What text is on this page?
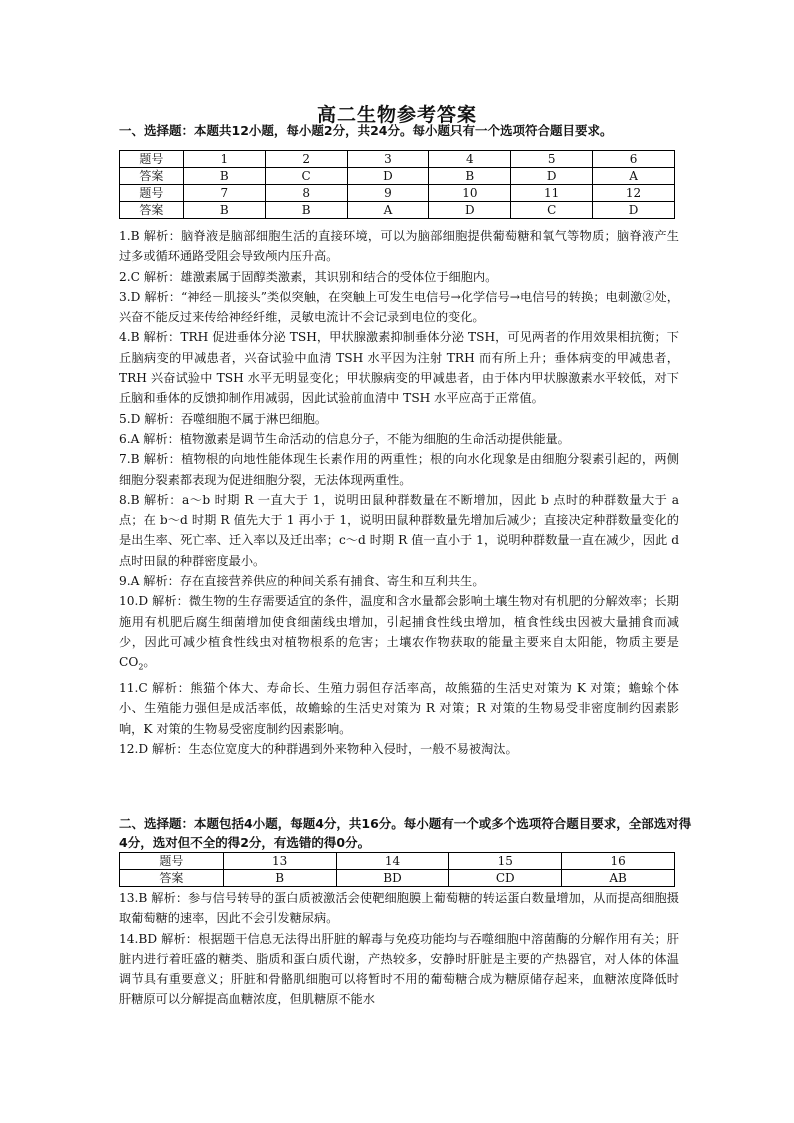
高二生物参考答案
一、选择题：本题共12小题，每小题2分，共24分。每小题只有一个选项符合题目要求。
题号	1	2	3	4	5	6
答案	B	C	D	B	D	A
题号	7	8	9	10	11	12
答案	B	B	A	D	C	D

1.B 解析：脑脊液是脑部细胞生活的直接环境，可以为脑部细胞提供葡萄糖和氧气等物质；脑脊液产生过多或循环通路受阻会导致颅内压升高。

2.C 解析：雄激素属于固醇类激素，其识别和结合的受体位于细胞内。

3.D 解析：“神经－肌接头”类似突触，在突触上可发生电信号→化学信号→电信号的转换；电刺激②处，兴奋不能反过来传给神经纤维，灵敏电流计不会记录到电位的变化。

4.B 解析：TRH 促进垂体分泌 TSH，甲状腺激素抑制垂体分泌 TSH，可见两者的作用效果相抗衡；下丘脑病变的甲减患者，兴奋试验中血清 TSH 水平因为注射 TRH 而有所上升；垂体病变的甲减患者，TRH 兴奋试验中 TSH 水平无明显变化；甲状腺病变的甲减患者，由于体内甲状腺激素水平较低，对下丘脑和垂体的反馈抑制作用减弱，因此试验前血清中 TSH 水平应高于正常值。

5.D 解析：吞噬细胞不属于淋巴细胞。

6.A 解析：植物激素是调节生命活动的信息分子，不能为细胞的生命活动提供能量。

7.B 解析：植物根的向地性能体现生长素作用的两重性；根的向水化现象是由细胞分裂素引起的，两侧细胞分裂素都表现为促进细胞分裂，无法体现两重性。

8.B 解析：a～b 时期 R 一直大于 1，说明田鼠种群数量在不断增加，因此 b 点时的种群数量大于 a 点；在 b～d 时期 R 值先大于 1 再小于 1，说明田鼠种群数量先增加后减少；直接决定种群数量变化的是出生率、死亡率、迁入率以及迁出率；c～d 时期 R 值一直小于 1，说明种群数量一直在减少，因此 d 点时田鼠的种群密度最小。

9.A 解析：存在直接营养供应的种间关系有捕食、寄生和互利共生。

10.D 解析：微生物的生存需要适宜的条件，温度和含水量都会影响土壤生物对有机肥的分解效率；长期施用有机肥后腐生细菌增加使食细菌线虫增加，引起捕食性线虫增加，植食性线虫因被大量捕食而减少，因此可减少植食性线虫对植物根系的危害；土壤农作物获取的能量主要来自太阳能，物质主要是 $CO_2$。

11.C 解析：熊猫个体大、寿命长、生殖力弱但存活率高，故熊猫的生活史对策为 K 对策；蟾蜍个体小、生殖能力强但是成活率低，故蟾蜍的生活史对策为 R 对策；R 对策的生物易受非密度制约因素影响，K 对策的生物易受密度制约因素影响。

12.D 解析：生态位宽度大的种群遇到外来物种入侵时，一般不易被淘汰。

二、选择题：本题包括4小题，每题4分，共16分。每小题有一个或多个选项符合题目要求，全部选对得4分，选对但不全的得2分，有选错的得0分。
题号	13	14	15	16
答案	B	BD	CD	AB

13.B 解析：参与信号转导的蛋白质被激活会使靶细胞膜上葡萄糖的转运蛋白数量增加，从而提高细胞摄取葡萄糖的速率，因此不会引发糖尿病。

14.BD 解析：根据题干信息无法得出肝脏的解毒与免疫功能均与吞噬细胞中溶菌酶的分解作用有关；肝脏内进行着旺盛的糖类、脂质和蛋白质代谢，产热较多，安静时肝脏是主要的产热器官，对人体的体温调节具有重要意义；肝脏和骨骼肌细胞可以将暂时不用的葡萄糖合成为糖原储存起来，血糖浓度降低时肝糖原可以分解提高血糖浓度，但肌糖原不能水
